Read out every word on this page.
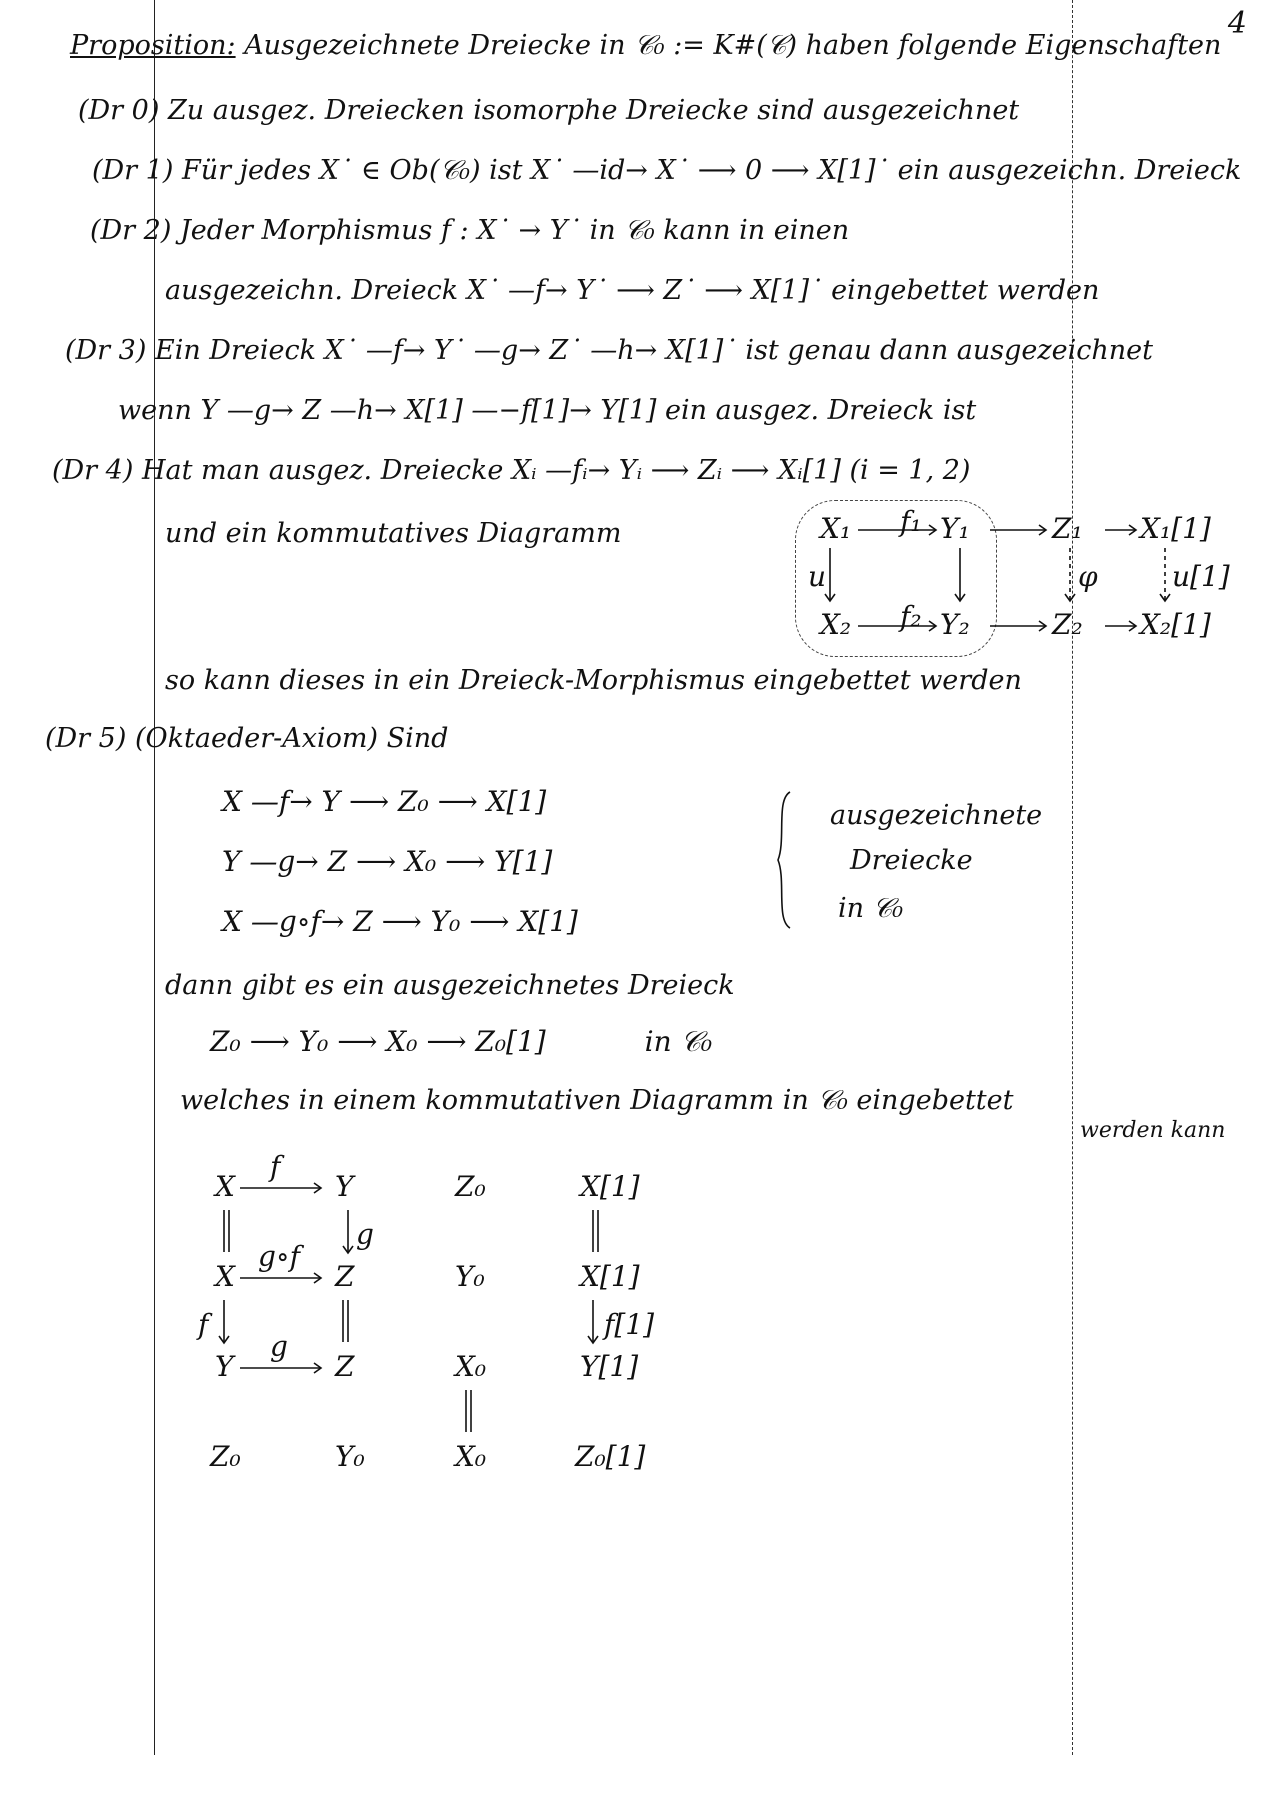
4
Proposition: Ausgezeichnete Dreiecke in 𝒞₀ := K#(𝒞) haben folgende Eigenschaften
(Dr 0) Zu ausgez. Dreiecken isomorphe Dreiecke sind ausgezeichnet
(Dr 1) Für jedes X˙ ∈ Ob(𝒞₀) ist X˙ —id→ X˙ ⟶ 0 ⟶ X[1]˙ ein ausgezeichn. Dreieck
(Dr 2) Jeder Morphismus f : X˙ → Y˙ in 𝒞₀ kann in einen
ausgezeichn. Dreieck X˙ —f→ Y˙ ⟶ Z˙ ⟶ X[1]˙ eingebettet werden
(Dr 3) Ein Dreieck X˙ —f→ Y˙ —g→ Z˙ —h→ X[1]˙ ist genau dann ausgezeichnet
wenn Y —g→ Z —h→ X[1] —−f[1]→ Y[1] ein ausgez. Dreieck ist
(Dr 4) Hat man ausgez. Dreiecke Xᵢ —fᵢ→ Yᵢ ⟶ Zᵢ ⟶ Xᵢ[1] (i = 1, 2)
und ein kommutatives Diagramm	X₁	Y₁	Z₁ X₁[1]
X₂	Y₂	Z₂ X₂[1]
f₁
f₂
u	φ	u[1]
so kann dieses in ein Dreieck-Morphismus eingebettet werden
(Dr 5) (Oktaeder-Axiom) Sind
X —f→ Y ⟶ Z₀ ⟶ X[1]
Y —g→ Z ⟶ X₀ ⟶ Y[1]
X —g∘f→ Z ⟶ Y₀ ⟶ X[1]
ausgezeichnete
Dreiecke
in 𝒞₀
dann gibt es ein ausgezeichnetes Dreieck
Z₀ ⟶ Y₀ ⟶ X₀ ⟶ Z₀[1]	in 𝒞₀
welches in einem kommutativen Diagramm in 𝒞₀ eingebettet
werden kann
X	Y	Z₀	X[1]
X	Z	Y₀	X[1]
Y	Z	X₀	Y[1]
Z₀	Y₀	X₀	Z₀[1]
f
g∘f
g
g
f	f[1]
